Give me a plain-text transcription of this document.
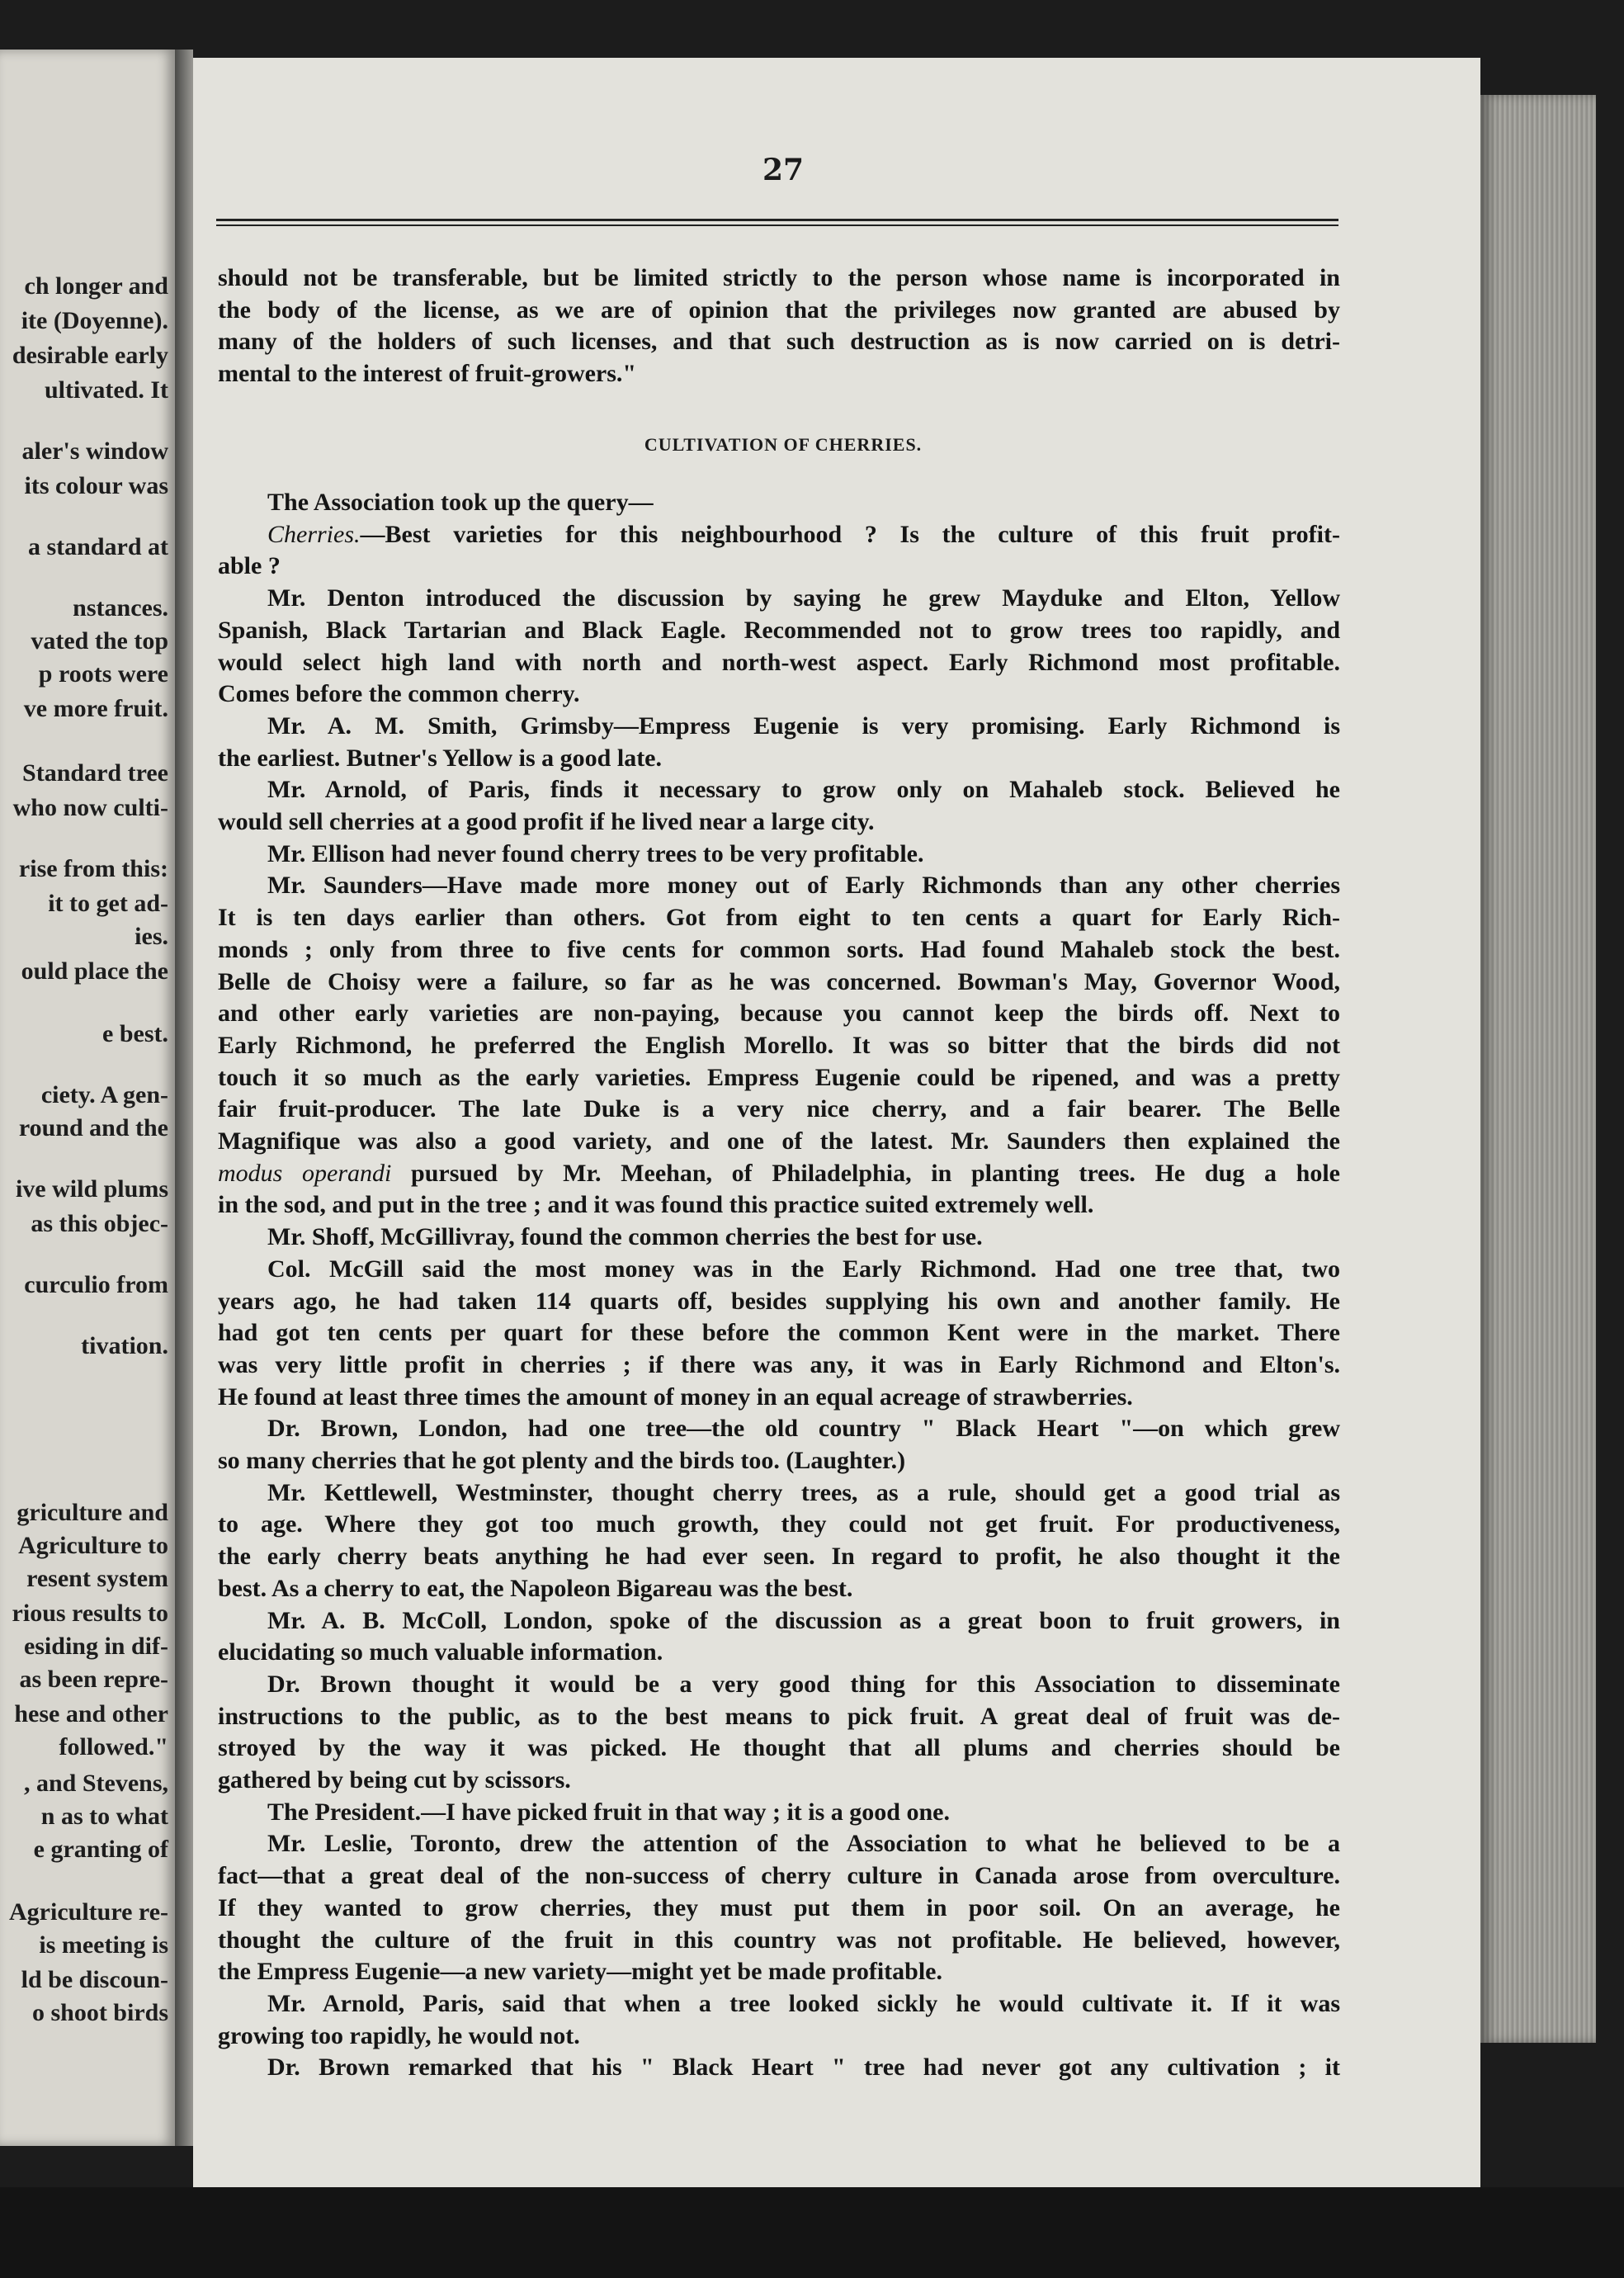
ch longer and
ite (Doyenne).
desirable early
ultivated. It
aler's window
its colour was
a standard at
nstances.
vated the top
p roots were
ve more fruit.
Standard tree
who now culti-
rise from this:
it to get ad-
ies.
ould place the
e best.
ciety. A gen-
round and the
ive wild plums
as this objec-
curculio from
tivation.
griculture and
Agriculture to
resent system
rious results to
esiding in dif-
as been repre-
hese and other
followed."
, and Stevens,
n as to what
e granting of
Agriculture re-
is meeting is
ld be discoun-
o shoot birds
27
should not be transferable, but be limited strictly to the person whose name is incorporated in
the body of the license, as we are of opinion that the privileges now granted are abused by
many of the holders of such licenses, and that such destruction as is now carried on is detri-
mental to the interest of fruit-growers."
CULTIVATION OF CHERRIES.
The Association took up the query—
Cherries.—Best varieties for this neighbourhood ? Is the culture of this fruit profit-
able ?
Mr. Denton introduced the discussion by saying he grew Mayduke and Elton, Yellow
Spanish, Black Tartarian and Black Eagle. Recommended not to grow trees too rapidly, and
would select high land with north and north-west aspect. Early Richmond most profitable.
Comes before the common cherry.
Mr. A. M. Smith, Grimsby—Empress Eugenie is very promising. Early Richmond is
the earliest. Butner's Yellow is a good late.
Mr. Arnold, of Paris, finds it necessary to grow only on Mahaleb stock. Believed he
would sell cherries at a good profit if he lived near a large city.
Mr. Ellison had never found cherry trees to be very profitable.
Mr. Saunders—Have made more money out of Early Richmonds than any other cherries
It is ten days earlier than others. Got from eight to ten cents a quart for Early Rich-
monds ; only from three to five cents for common sorts. Had found Mahaleb stock the best.
Belle de Choisy were a failure, so far as he was concerned. Bowman's May, Governor Wood,
and other early varieties are non-paying, because you cannot keep the birds off. Next to
Early Richmond, he preferred the English Morello. It was so bitter that the birds did not
touch it so much as the early varieties. Empress Eugenie could be ripened, and was a pretty
fair fruit-producer. The late Duke is a very nice cherry, and a fair bearer. The Belle
Magnifique was also a good variety, and one of the latest. Mr. Saunders then explained the
modus operandi pursued by Mr. Meehan, of Philadelphia, in planting trees. He dug a hole
in the sod, and put in the tree ; and it was found this practice suited extremely well.
Mr. Shoff, McGillivray, found the common cherries the best for use.
Col. McGill said the most money was in the Early Richmond. Had one tree that, two
years ago, he had taken 114 quarts off, besides supplying his own and another family. He
had got ten cents per quart for these before the common Kent were in the market. There
was very little profit in cherries ; if there was any, it was in Early Richmond and Elton's.
He found at least three times the amount of money in an equal acreage of strawberries.
Dr. Brown, London, had one tree—the old country " Black Heart "—on which grew
so many cherries that he got plenty and the birds too. (Laughter.)
Mr. Kettlewell, Westminster, thought cherry trees, as a rule, should get a good trial as
to age. Where they got too much growth, they could not get fruit. For productiveness,
the early cherry beats anything he had ever seen. In regard to profit, he also thought it the
best. As a cherry to eat, the Napoleon Bigareau was the best.
Mr. A. B. McColl, London, spoke of the discussion as a great boon to fruit growers, in
elucidating so much valuable information.
Dr. Brown thought it would be a very good thing for this Association to disseminate
instructions to the public, as to the best means to pick fruit. A great deal of fruit was de-
stroyed by the way it was picked. He thought that all plums and cherries should be
gathered by being cut by scissors.
The President.—I have picked fruit in that way ; it is a good one.
Mr. Leslie, Toronto, drew the attention of the Association to what he believed to be a
fact—that a great deal of the non-success of cherry culture in Canada arose from overculture.
If they wanted to grow cherries, they must put them in poor soil. On an average, he
thought the culture of the fruit in this country was not profitable. He believed, however,
the Empress Eugenie—a new variety—might yet be made profitable.
Mr. Arnold, Paris, said that when a tree looked sickly he would cultivate it. If it was
growing too rapidly, he would not.
Dr. Brown remarked that his " Black Heart " tree had never got any cultivation ; it
